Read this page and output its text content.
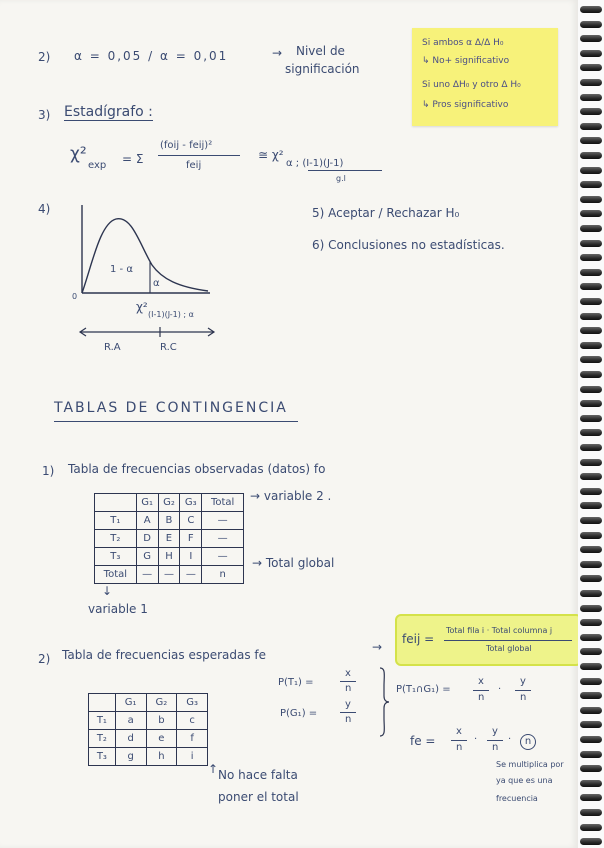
2) α = 0,05 / α = 0,01	→ Nivel de
significación
Si ambos α Δ/Δ H₀
↳ No+ significativo
Si uno ΔH₀ y otro Δ H₀
↳ Pros significativo
3) Estadígrafo :
χ²
exp = Σ
(foij - feij)²
feij
≅ χ²
α ; (I-1)(J-1)
g.l
4)
1 - α
α
0
χ²
(I-1)(J-1) ; α
R.A	R.C
5) Aceptar / Rechazar H₀
6) Conclusiones no estadísticas.
TABLAS DE CONTINGENCIA
1) Tabla de frecuencias observadas (datos) fo
	G₁	G₂	G₃	Total
T₁	A	B	C	—
T₂	D	E	F	—
T₃	G	H	I	—
Total	—	—	—	n
→ variable 2 .
→ Total global
↓
variable 1
2) Tabla de frecuencias esperadas fe
→
feij =
Total fila i · Total columna j
Total global
	G₁	G₂	G₃
T₁	a	b	c
T₂	d	e	f
T₃	g	h	i
P(T₁) =
x
n
P(G₁) =
y
n
P(T₁∩G₁) =
x
n
·
y
n
fe =
x
n
·
y
n
·	n
Se multiplica por
ya que es una
frecuencia
↑ No hace falta
poner el total
